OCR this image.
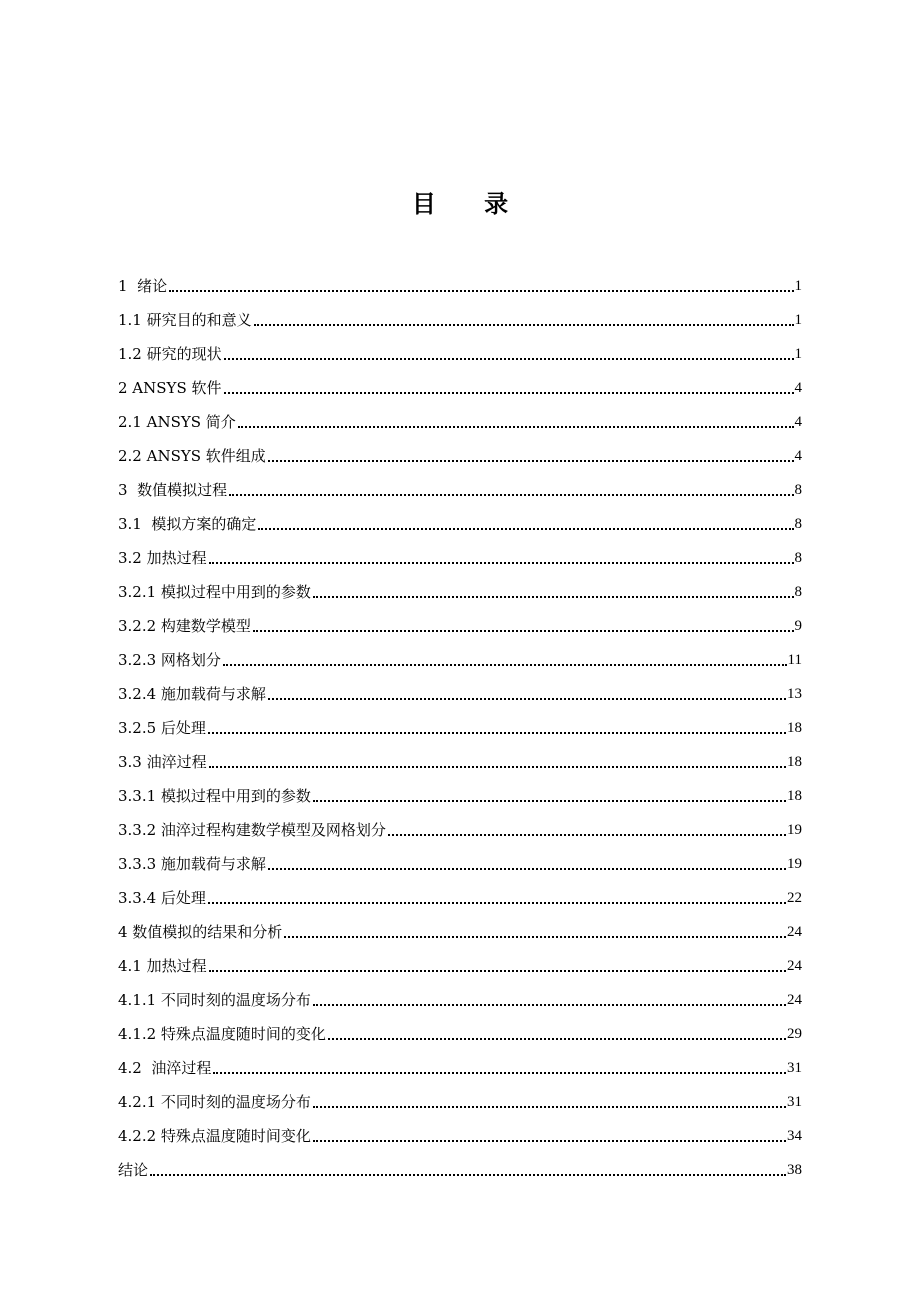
目 录
1  绪论	1
1.1 研究目的和意义	1
1.2 研究的现状	1
2 ANSYS 软件	4
2.1 ANSYS 简介	4
2.2 ANSYS 软件组成	4
3  数值模拟过程	8
3.1  模拟方案的确定	8
3.2 加热过程	8
3.2.1 模拟过程中用到的参数	8
3.2.2 构建数学模型	9
3.2.3 网格划分	11
3.2.4 施加载荷与求解	13
3.2.5 后处理	18
3.3 油淬过程	18
3.3.1 模拟过程中用到的参数	18
3.3.2 油淬过程构建数学模型及网格划分	19
3.3.3 施加载荷与求解	19
3.3.4 后处理	22
4 数值模拟的结果和分析	24
4.1 加热过程	24
4.1.1 不同时刻的温度场分布	24
4.1.2 特殊点温度随时间的变化	29
4.2  油淬过程	31
4.2.1 不同时刻的温度场分布	31
4.2.2 特殊点温度随时间变化	34
结论	38
